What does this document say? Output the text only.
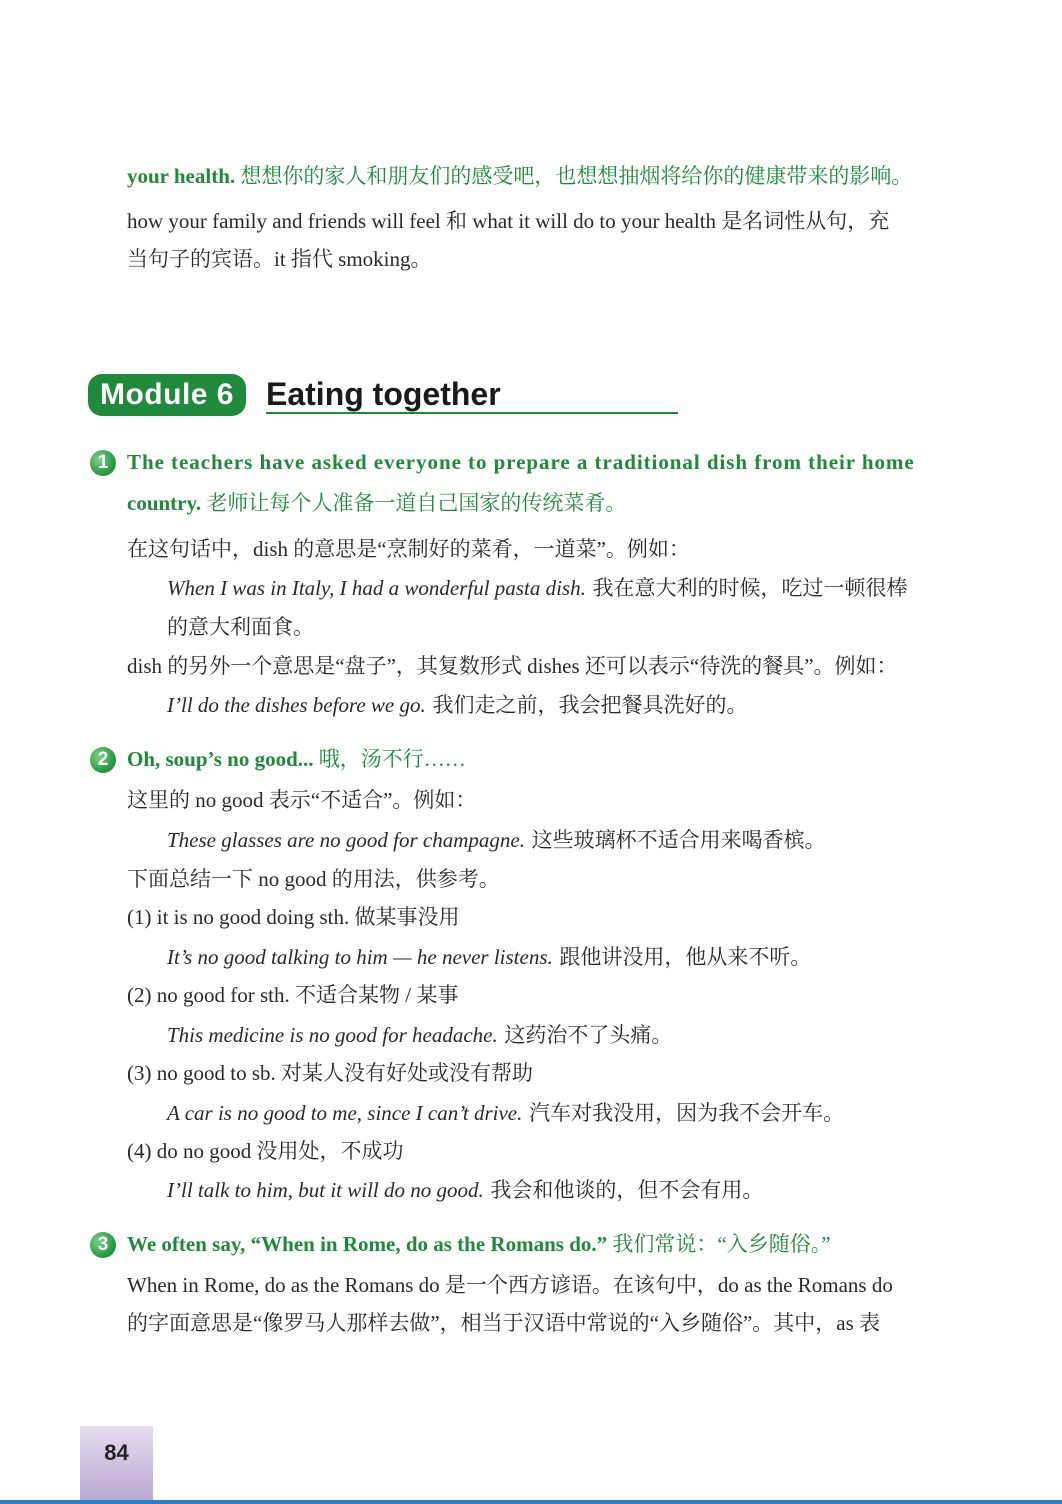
your health. 想想你的家人和朋友们的感受吧，也想想抽烟将给你的健康带来的影响。
how your family and friends will feel 和 what it will do to your health 是名词性从句，充
当句子的宾语。it 指代 smoking。
Module 6	Eating together
1 The teachers have asked everyone to prepare a traditional dish from their home
country. 老师让每个人准备一道自己国家的传统菜肴。
在这句话中，dish 的意思是“烹制好的菜肴，一道菜”。例如：
When I was in Italy, I had a wonderful pasta dish. 我在意大利的时候，吃过一顿很棒
的意大利面食。
dish 的另外一个意思是“盘子”，其复数形式 dishes 还可以表示“待洗的餐具”。例如：
I’ll do the dishes before we go. 我们走之前，我会把餐具洗好的。
2 Oh, soup’s no good... 哦，汤不行……
这里的 no good 表示“不适合”。例如：
These glasses are no good for champagne. 这些玻璃杯不适合用来喝香槟。
下面总结一下 no good 的用法，供参考。
(1) it is no good doing sth. 做某事没用
It’s no good talking to him — he never listens. 跟他讲没用，他从来不听。
(2) no good for sth. 不适合某物 / 某事
This medicine is no good for headache. 这药治不了头痛。
(3) no good to sb. 对某人没有好处或没有帮助
A car is no good to me, since I can’t drive. 汽车对我没用，因为我不会开车。
(4) do no good 没用处，不成功
I’ll talk to him, but it will do no good. 我会和他谈的，但不会有用。
3 We often say, “When in Rome, do as the Romans do.” 我们常说：“入乡随俗。”
When in Rome, do as the Romans do 是一个西方谚语。在该句中，do as the Romans do
的字面意思是“像罗马人那样去做”，相当于汉语中常说的“入乡随俗”。其中，as 表
84
